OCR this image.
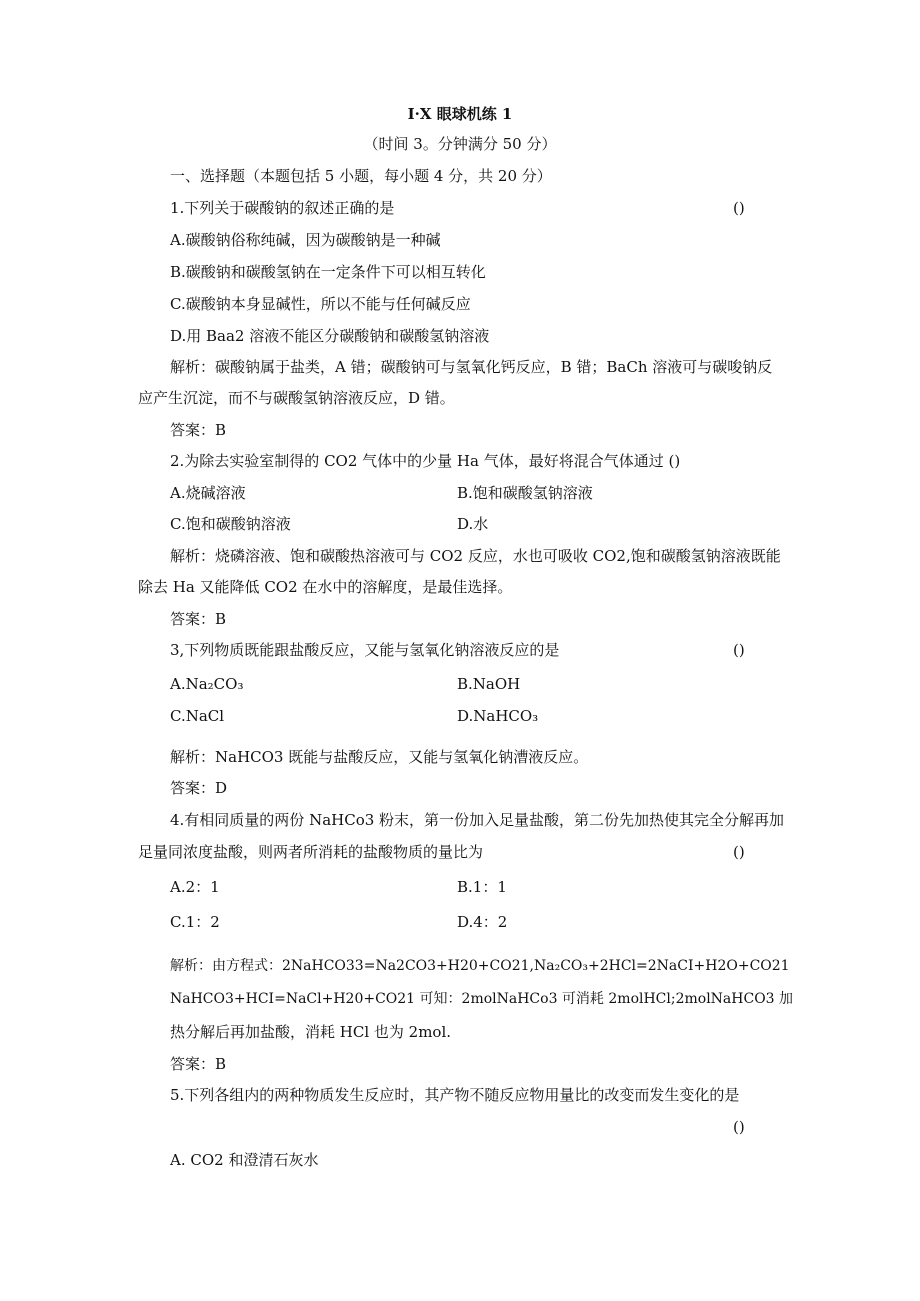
I·X 眼球机练 1
（时间 3。分钟满分 50 分）
一、选择题（本题包括 5 小题，每小题 4 分，共 20 分）
1.下列关于碳酸钠的叙述正确的是	()
A.碳酸钠俗称纯碱，因为碳酸钠是一种碱
B.碳酸钠和碳酸氢钠在一定条件下可以相互转化
C.碳酸钠本身显碱性，所以不能与任何碱反应
D.用 Baa2 溶液不能区分碳酸钠和碳酸氢钠溶液
解析：碳酸钠属于盐类，A 错；碳酸钠可与氢氧化钙反应，B 错；BaCh 溶液可与碳唆钠反
应产生沉淀，而不与碳酸氢钠溶液反应，D 错。
答案：B
2.为除去实验室制得的 CO2 气体中的少量 Ha 气体，最好将混合气体通过 ()
A.烧碱溶液	B.饱和碳酸氢钠溶液
C.饱和碳酸钠溶液	D.水
解析：烧磷溶液、饱和碳酸热溶液可与 CO2 反应，水也可吸收 CO2,饱和碳酸氢钠溶液既能
除去 Ha 又能降低 CO2 在水中的溶解度，是最佳选择。
答案：B
3,下列物质既能跟盐酸反应，又能与氢氧化钠溶液反应的是	()
A.Na₂CO₃	B.NaOH
C.NaCl	D.NaHCO₃
解析：NaHCO3 既能与盐酸反应，又能与氢氧化钠漕液反应。
答案：D
4.有相同质量的两份 NaHCo3 粉末，第一份加入足量盐酸，第二份先加热使其完全分解再加
足量同浓度盐酸，则两者所消耗的盐酸物质的量比为	()
A.2：1	B.1：1
C.1：2	D.4：2
解析：由方程式：2NaHCO33=Na2CO3+H20+CO21,Na₂CO₃+2HCl=2NaCI+H2O+CO21
NaHCO3+HCI=NaCl+H20+CO21 可知：2molNaHCo3 可消耗 2molHCl;2molNaHCO3 加
热分解后再加盐酸，消耗 HCl 也为 2mol.
答案：B
5.下列各组内的两种物质发生反应时，其产物不随反应物用量比的改变而发生变化的是
()
A. CO2 和澄清石灰水
